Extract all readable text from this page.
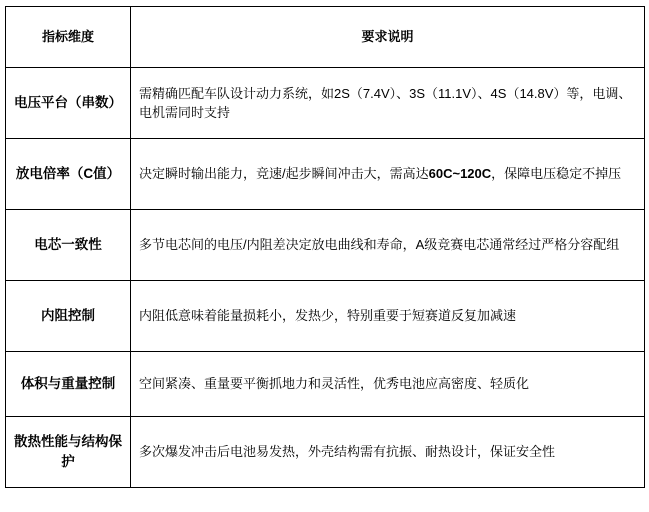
指标维度	要求说明
电压平台（串数）	需精确匹配车队设计动力系统，如2S（7.4V）、3S（11.1V）、4S（14.8V）等，电调、电机需同时支持
放电倍率（C值）	决定瞬时输出能力，竞速/起步瞬间冲击大，需高达60C~120C，保障电压稳定不掉压
电芯一致性	多节电芯间的电压/内阻差决定放电曲线和寿命，A级竞赛电芯通常经过严格分容配组
内阻控制	内阻低意味着能量损耗小，发热少，特别重要于短赛道反复加减速
体积与重量控制	空间紧凑、重量要平衡抓地力和灵活性，优秀电池应高密度、轻质化
散热性能与结构保护	多次爆发冲击后电池易发热，外壳结构需有抗振、耐热设计，保证安全性
